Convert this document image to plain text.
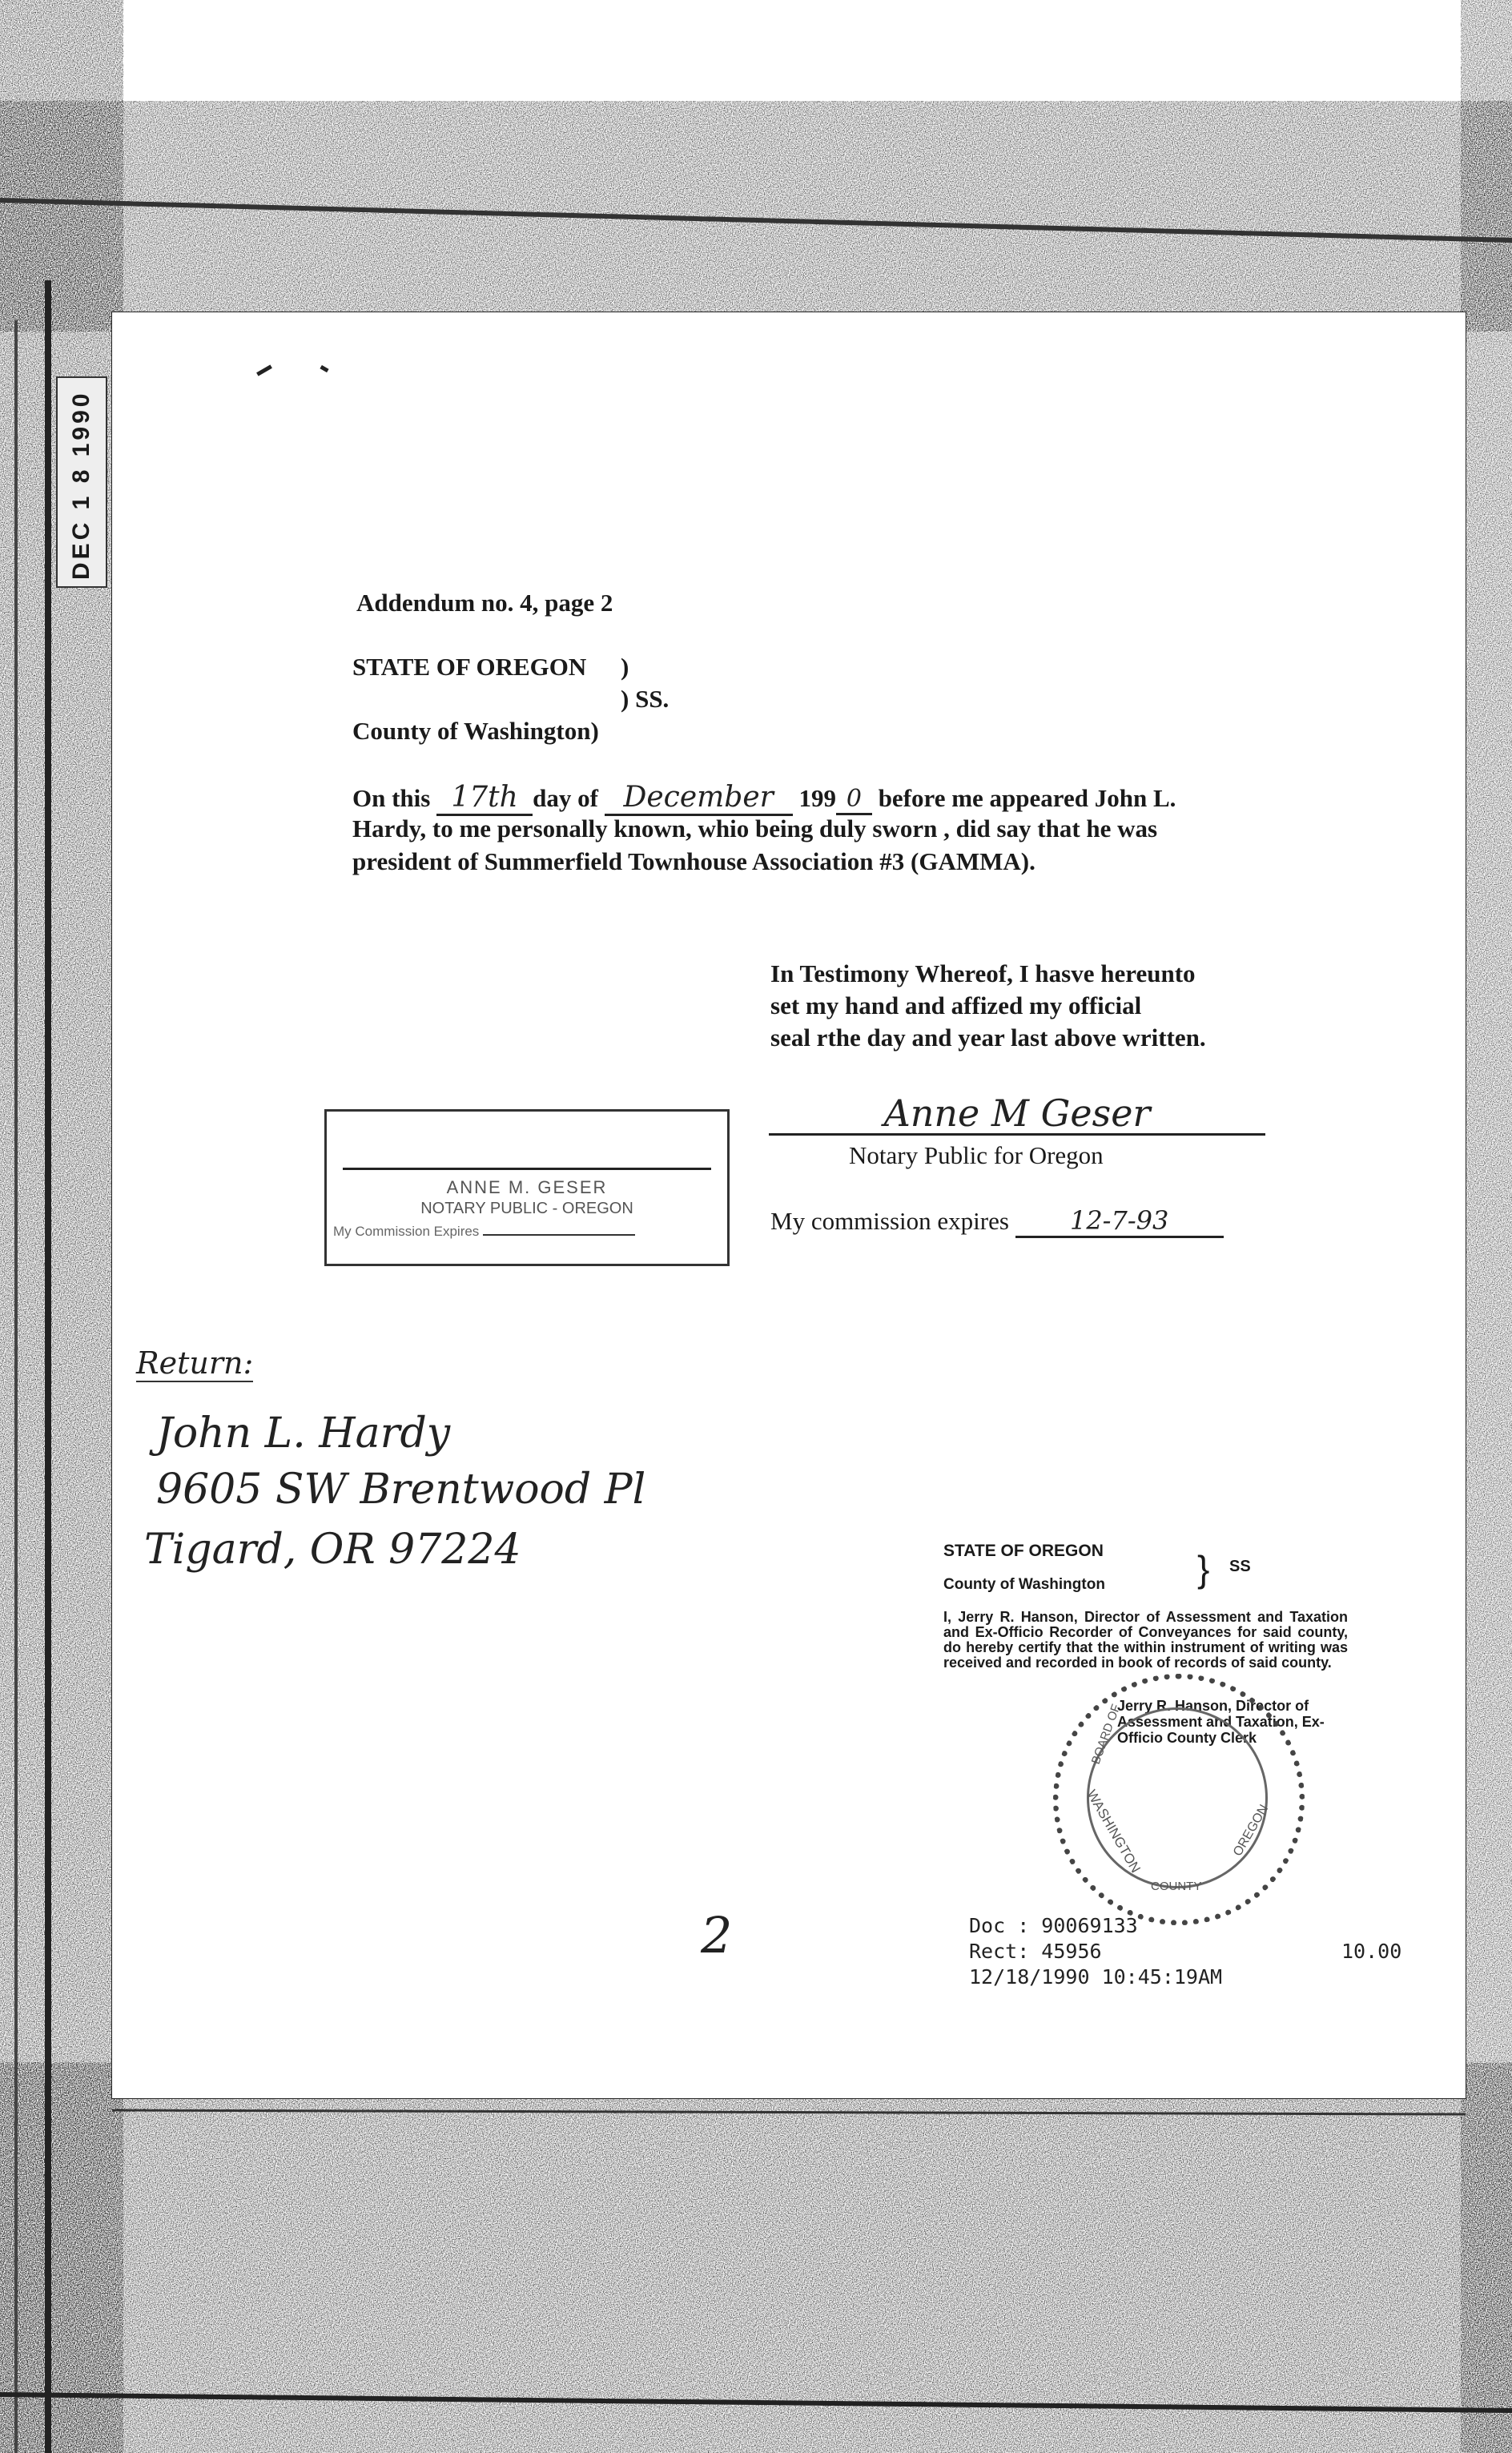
DEC 1 8 1990
Addendum no. 4, page 2
STATE OF OREGON )
) SS.
County of Washington)
On this 17th day of December 199 0 before me appeared John L.
Hardy, to me personally known, whio being duly sworn , did say that he was
president of Summerfield Townhouse Association #3 (GAMMA).
In Testimony Whereof, I hasve hereunto
set my hand and affized my official
seal rthe day and year last above written.
Anne M Geser
Notary Public for Oregon
My commission expires 12-7-93
Return:
John L. Hardy
9605 SW Brentwood Pl
Tigard, OR 97224	STATE OF OREGON
County of Washington	} SS
I, Jerry R. Hanson, Director of Assessment and Taxation and Ex-Officio Recorder of Conveyances for said county, do hereby certify that the within instrument of writing was received and recorded in book of records of said county.
Jerry R. Hanson, Director of Assessment and Taxation, Ex-Officio County Clerk
BOARD OF
WASHINGTON
COUNTY
OREGON
Doc : 90069133
Rect: 45956	10.00
12/18/1990 10:45:19AM
2
ANNE M. GESER
NOTARY PUBLIC - OREGON
My Commission Expires
